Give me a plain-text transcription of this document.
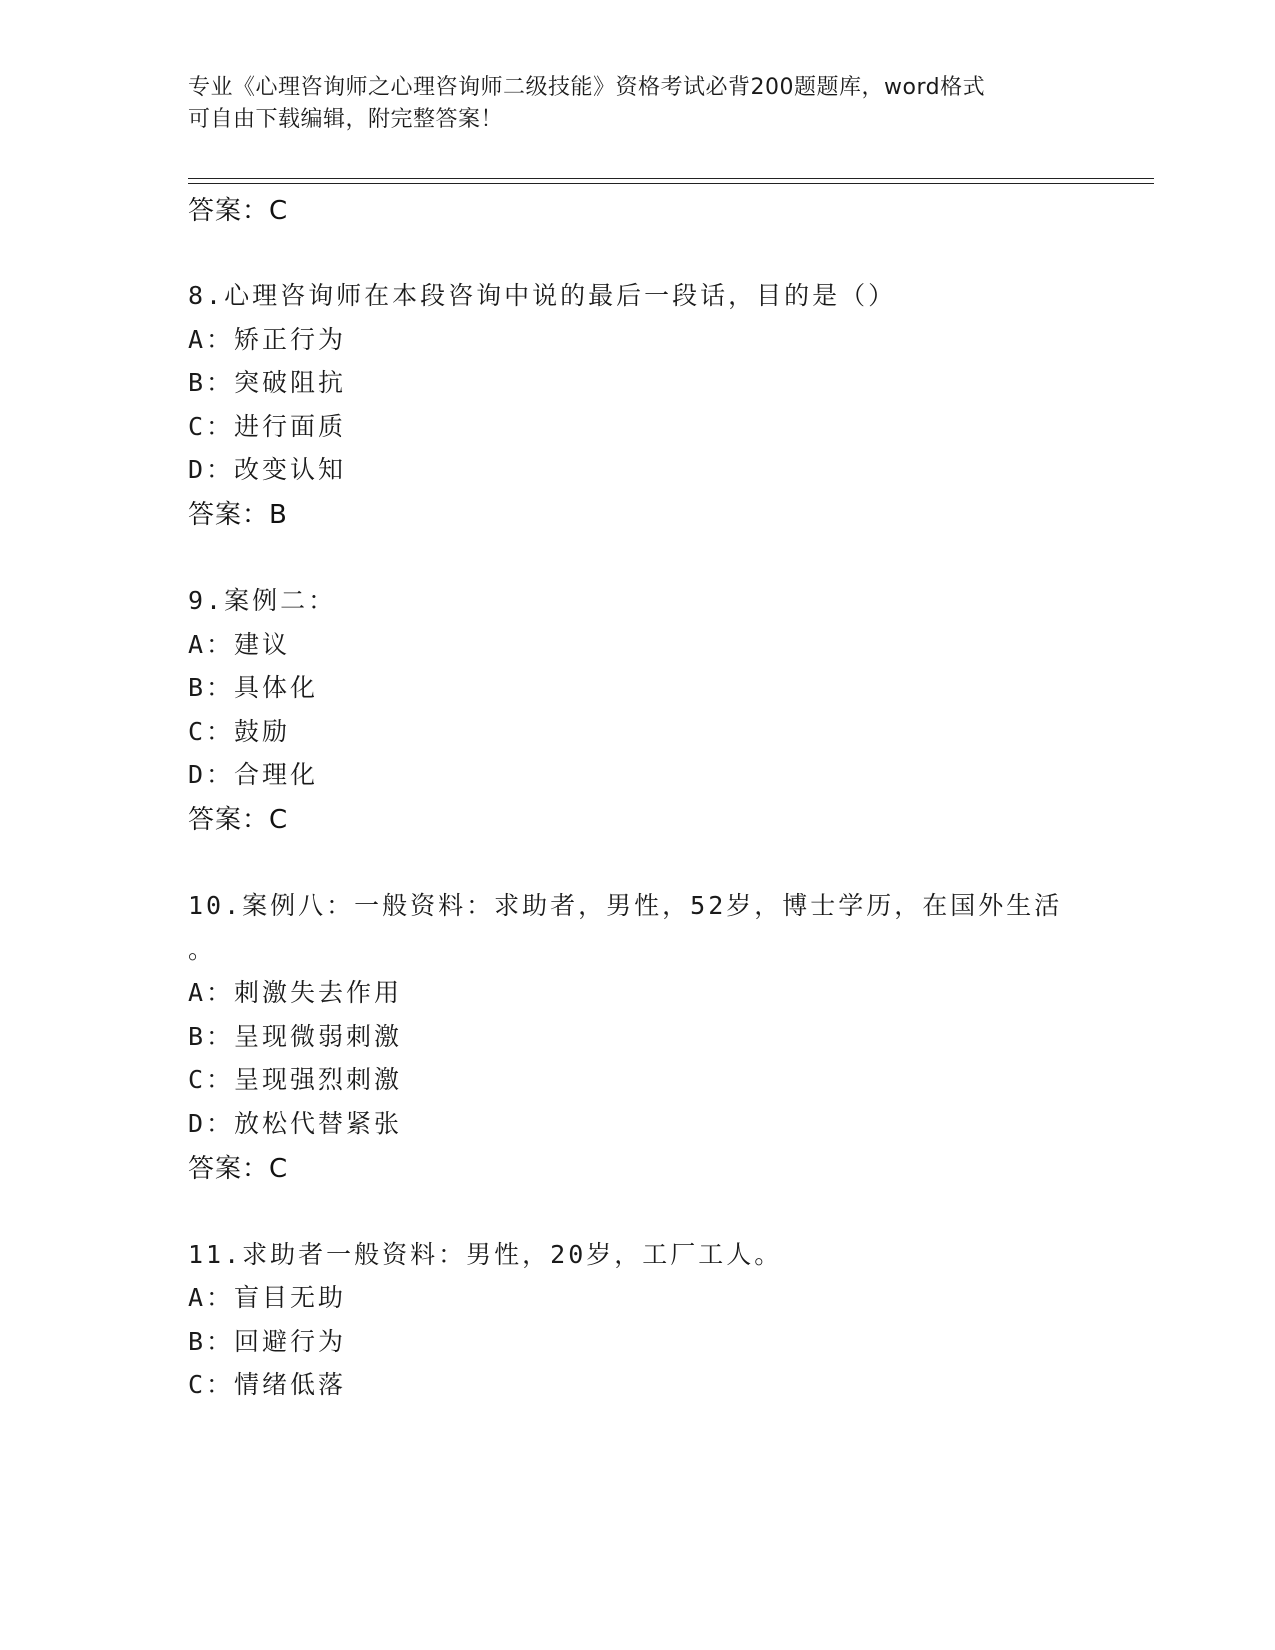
专业《心理咨询师之心理咨询师二级技能》资格考试必背200题题库，word格式
可自由下载编辑，附完整答案！
答案：C
8.心理咨询师在本段咨询中说的最后一段话，目的是（）
A：矫正行为
B：突破阻抗
C：进行面质
D：改变认知
答案：B
9.案例二：
A：建议
B：具体化
C：鼓励
D：合理化
答案：C
10.案例八：一般资料：求助者，男性，52岁，博士学历，在国外生活
。
A：刺激失去作用
B：呈现微弱刺激
C：呈现强烈刺激
D：放松代替紧张
答案：C
11.求助者一般资料：男性，20岁，工厂工人。
A：盲目无助
B：回避行为
C：情绪低落
